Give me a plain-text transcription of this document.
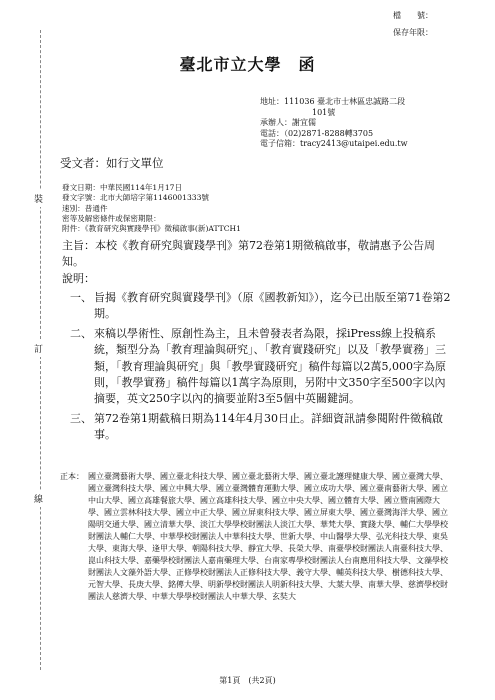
裝
訂
線
檔　　號：
保存年限：
臺北市立大學　函
地址：111036 臺北市士林區忠誠路二段
101號
承辦人：謝宜儒
電話：（02)2871-8288轉3705
電子信箱：tracy2413@utaipei.edu.tw
受文者：如行文單位
發文日期：中華民國114年1月17日
發文字號：北市大師培字第1146001333號
速別：普通件
密等及解密條件或保密期限：
附件：《教育研究與實踐學刊》徵稿啟事(新)ATTCH1
主旨：本校《教育研究與實踐學刊》第72卷第1期徵稿啟事，敬請惠予公告周知。
說明：
一、 旨揭《教育研究與實踐學刊》（原《國教新知》），迄今已出版至第71卷第2期。
二、 來稿以學術性、原創性為主，且未曾發表者為限，採iPress線上投稿系統，類型分為「教育理論與研究」、「教育實踐研究」以及「教學實務」三類，「教育理論與研究」與「教學實踐研究」稿件每篇以2萬5,000字為原則，「教學實務」稿件每篇以1萬字為原則，另附中文350字至500字以內摘要，英文250字以內的摘要並附3至5個中英關鍵詞。
三、 第72卷第1期截稿日期為114年4月30日止。詳細資訊請參閱附件徵稿啟事。
正本： 國立臺灣藝術大學、國立臺北科技大學、國立臺北藝術大學、國立臺北護理健康大學、國立臺灣大學、國立臺灣科技大學、國立中興大學、國立臺灣體育運動大學、國立成功大學、國立臺南藝術大學、國立中山大學、國立高雄餐旅大學、國立高雄科技大學、國立中央大學、國立體育大學、國立暨南國際大學、國立雲林科技大學、國立中正大學、國立屏東科技大學、國立屏東大學、國立臺灣海洋大學、國立陽明交通大學、國立清華大學、淡江大學學校財團法人淡江大學、華梵大學、實踐大學、輔仁大學學校財團法人輔仁大學、中華學校財團法人中華科技大學、世新大學、中山醫學大學、弘光科技大學、東吳大學、東海大學、逢甲大學、朝陽科技大學、靜宜大學、長榮大學、南臺學校財團法人南臺科技大學、崑山科技大學、嘉藥學校財團法人嘉南藥理大學、台南家專學校財團法人台南應用科技大學、文藻學校財團法人文藻外語大學、正修學校財團法人正修科技大學、義守大學、輔英科技大學、樹德科技大學、元智大學、長庚大學、銘傳大學、明新學校財團法人明新科技大學、大葉大學、南華大學、慈濟學校財團法人慈濟大學、中華大學學校財團法人中華大學、玄奘大
第1頁　(共2頁)
